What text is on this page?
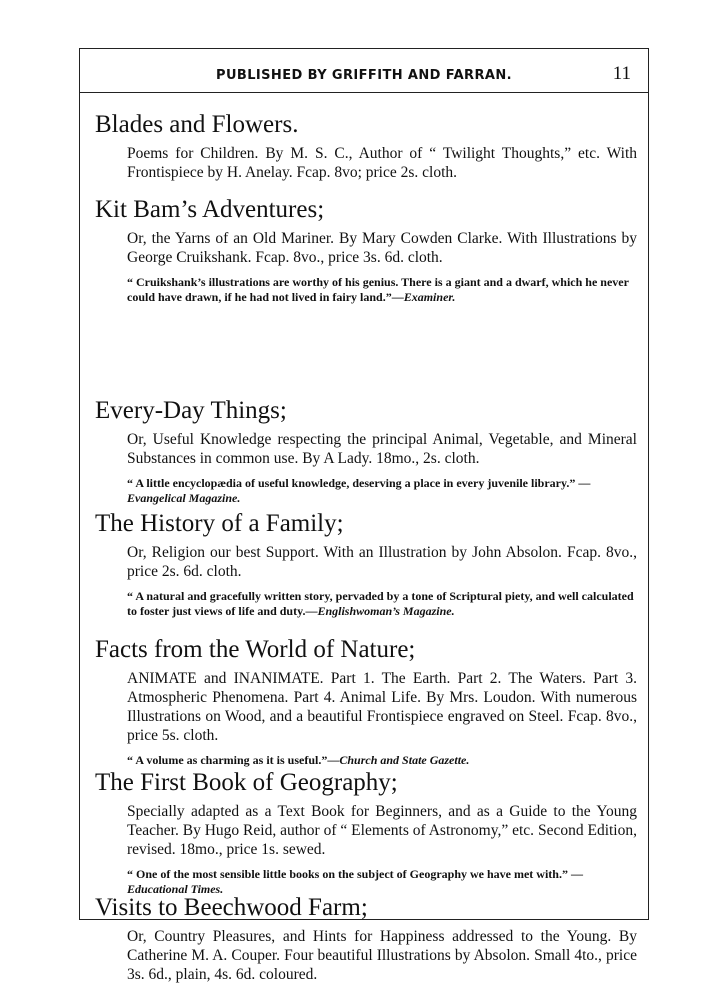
PUBLISHED BY GRIFFITH AND FARRAN.	11
Blades and Flowers.
Poems for Children. By M. S. C., Author of “ Twilight Thoughts,” etc. With Frontispiece by H. Anelay. Fcap. 8vo; price 2s. cloth.
Kit Bam’s Adventures;
Or, the Yarns of an Old Mariner. By Mary Cowden Clarke. With Illustrations by George Cruikshank. Fcap. 8vo., price 3s. 6d. cloth.
“ Cruikshank’s illustrations are worthy of his genius. There is a giant and a dwarf, which he never could have drawn, if he had not lived in fairy land.”—Examiner.
Every-Day Things;
Or, Useful Knowledge respecting the principal Animal, Vegetable, and Mineral Substances in common use. By A Lady. 18mo., 2s. cloth.
“ A little encyclopædia of useful knowledge, deserving a place in every juvenile library.” —Evangelical Magazine.
The History of a Family;
Or, Religion our best Support. With an Illustration by John Absolon. Fcap. 8vo., price 2s. 6d. cloth.
“ A natural and gracefully written story, pervaded by a tone of Scriptural piety, and well calculated to foster just views of life and duty.—Englishwoman’s Magazine.
Facts from the World of Nature;
ANIMATE and INANIMATE. Part 1. The Earth. Part 2. The Waters. Part 3. Atmospheric Phenomena. Part 4. Animal Life. By Mrs. Loudon. With numerous Illustrations on Wood, and a beautiful Frontispiece engraved on Steel. Fcap. 8vo., price 5s. cloth.
“ A volume as charming as it is useful.”—Church and State Gazette.
The First Book of Geography;
Specially adapted as a Text Book for Beginners, and as a Guide to the Young Teacher. By Hugo Reid, author of “ Elements of Astronomy,” etc. Second Edition, revised. 18mo., price 1s. sewed.
“ One of the most sensible little books on the subject of Geography we have met with.” —Educational Times.
Visits to Beechwood Farm;
Or, Country Pleasures, and Hints for Happiness addressed to the Young. By Catherine M. A. Couper. Four beautiful Illustrations by Absolon. Small 4to., price 3s. 6d., plain, 4s. 6d. coloured.
